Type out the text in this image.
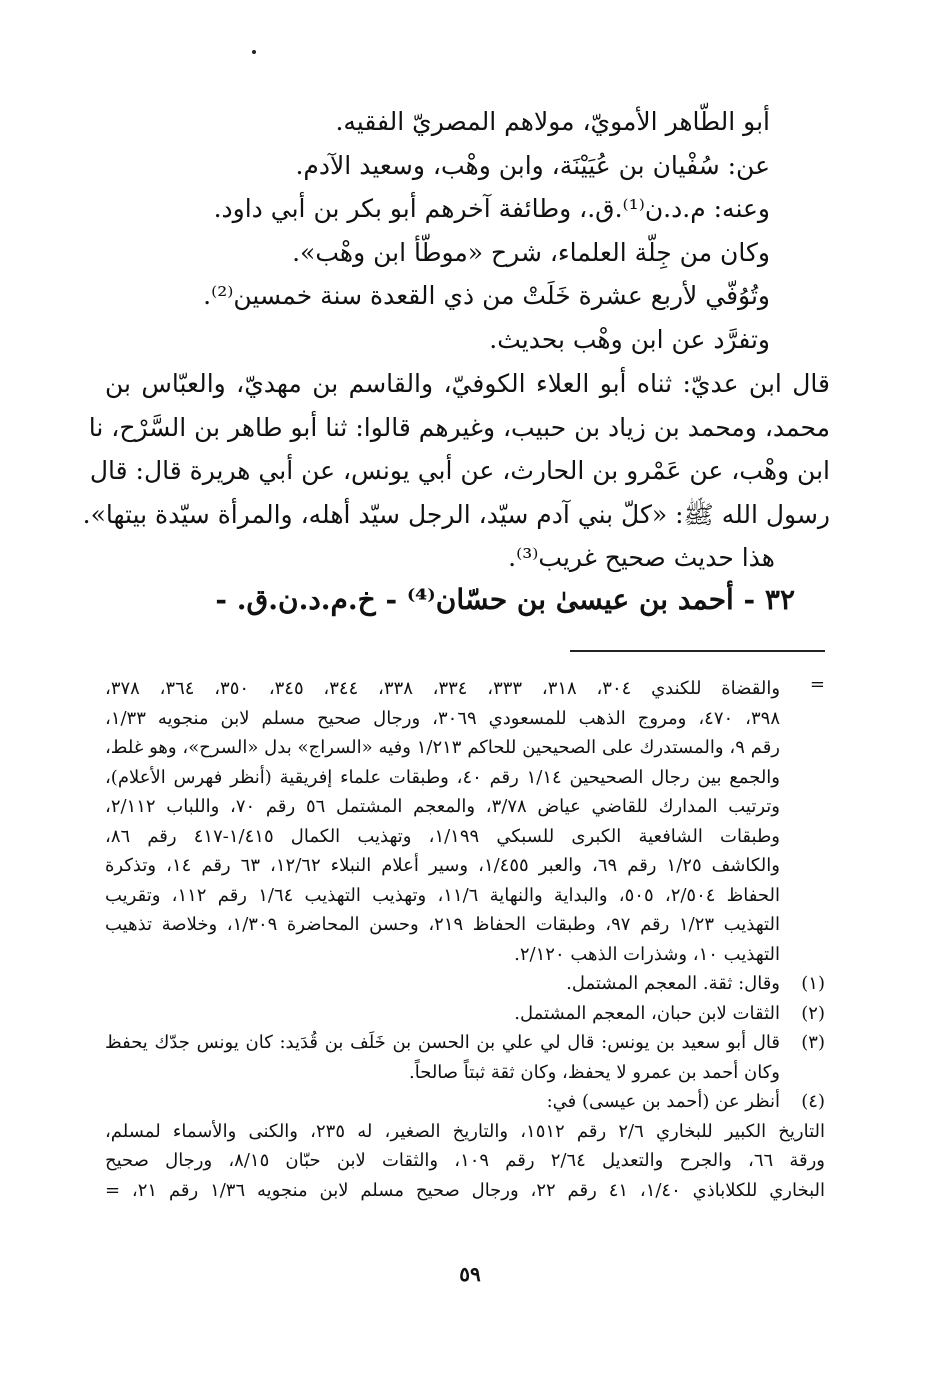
أبو الطّاهر الأمويّ، مولاهم المصريّ الفقيه.
عن: سُفْيان بن عُيَيْنَة، وابن وهْب، وسعيد الآدم.
وعنه: م.د.ن⁽¹⁾.ق.، وطائفة آخرهم أبو بكر بن أبي داود.
وكان من جِلّة العلماء، شرح «موطّأ ابن وهْب».
وتُوُفّي لأربع عشرة خَلَتْ من ذي القعدة سنة خمسين⁽²⁾.
وتفرَّد عن ابن وهْب بحديث.
قال ابن عديّ: ثناه أبو العلاء الكوفيّ، والقاسم بن مهديّ، والعبّاس بن
محمد، ومحمد بن زياد بن حبيب، وغيرهم قالوا: ثنا أبو طاهر بن السَّرْح، نا
ابن وهْب، عن عَمْرو بن الحارث، عن أبي يونس، عن أبي هريرة قال: قال
رسول الله ﷺ: «كلّ بني آدم سيّد، الرجل سيّد أهله، والمرأة سيّدة بيتها».
هذا حديث صحيح غريب⁽³⁾.
٣٢ - أحمد بن عيسىٰ بن حسّان⁽⁴⁾ - خ.م.د.ن.ق. -
=
والقضاة للكندي ٣٠٤، ٣١٨، ٣٣٣، ٣٣٤، ٣٣٨، ٣٤٤، ٣٤٥، ٣٥٠، ٣٦٤، ٣٧٨،
٣٩٨، ٤٧٠، ومروج الذهب للمسعودي ٣٠٦٩، ورجال صحيح مسلم لابن منجويه ١/٣٣،
رقم ٩، والمستدرك على الصحيحين للحاكم ١/٢١٣ وفيه «السراج» بدل «السرح»، وهو غلط،
والجمع بين رجال الصحيحين ١/١٤ رقم ٤٠، وطبقات علماء إفريقية (أنظر فهرس الأعلام)،
وترتيب المدارك للقاضي عياض ٣/٧٨، والمعجم المشتمل ٥٦ رقم ٧٠، واللباب ٢/١١٢،
وطبقات الشافعية الكبرى للسبكي ١/١٩٩، وتهذيب الكمال ١/٤١٥-٤١٧ رقم ٨٦،
والكاشف ١/٢٥ رقم ٦٩، والعبر ١/٤٥٥، وسير أعلام النبلاء ١٢/٦٢، ٦٣ رقم ١٤، وتذكرة
الحفاظ ٢/٥٠٤، ٥٠٥، والبداية والنهاية ١١/٦، وتهذيب التهذيب ١/٦٤ رقم ١١٢، وتقريب
التهذيب ١/٢٣ رقم ٩٧، وطبقات الحفاظ ٢١٩، وحسن المحاضرة ١/٣٠٩، وخلاصة تذهيب
التهذيب ١٠، وشذرات الذهب ٢/١٢٠.
(١)
وقال: ثقة. المعجم المشتمل.
(٢)
الثقات لابن حبان، المعجم المشتمل.
(٣)
قال أبو سعيد بن يونس: قال لي علي بن الحسن بن خَلَف بن قُدَيد: كان يونس جدّك يحفظ
وكان أحمد بن عمرو لا يحفظ، وكان ثقة ثبتاً صالحاً.
(٤)
أنظر عن (أحمد بن عيسى) في:
التاريخ الكبير للبخاري ٢/٦ رقم ١٥١٢، والتاريخ الصغير، له ٢٣٥، والكنى والأسماء لمسلم،
ورقة ٦٦، والجرح والتعديل ٢/٦٤ رقم ١٠٩، والثقات لابن حبّان ٨/١٥، ورجال صحيح
البخاري للكلاباذي ١/٤٠، ٤١ رقم ٢٢، ورجال صحيح مسلم لابن منجويه ١/٣٦ رقم ٢١، =
٥٩
